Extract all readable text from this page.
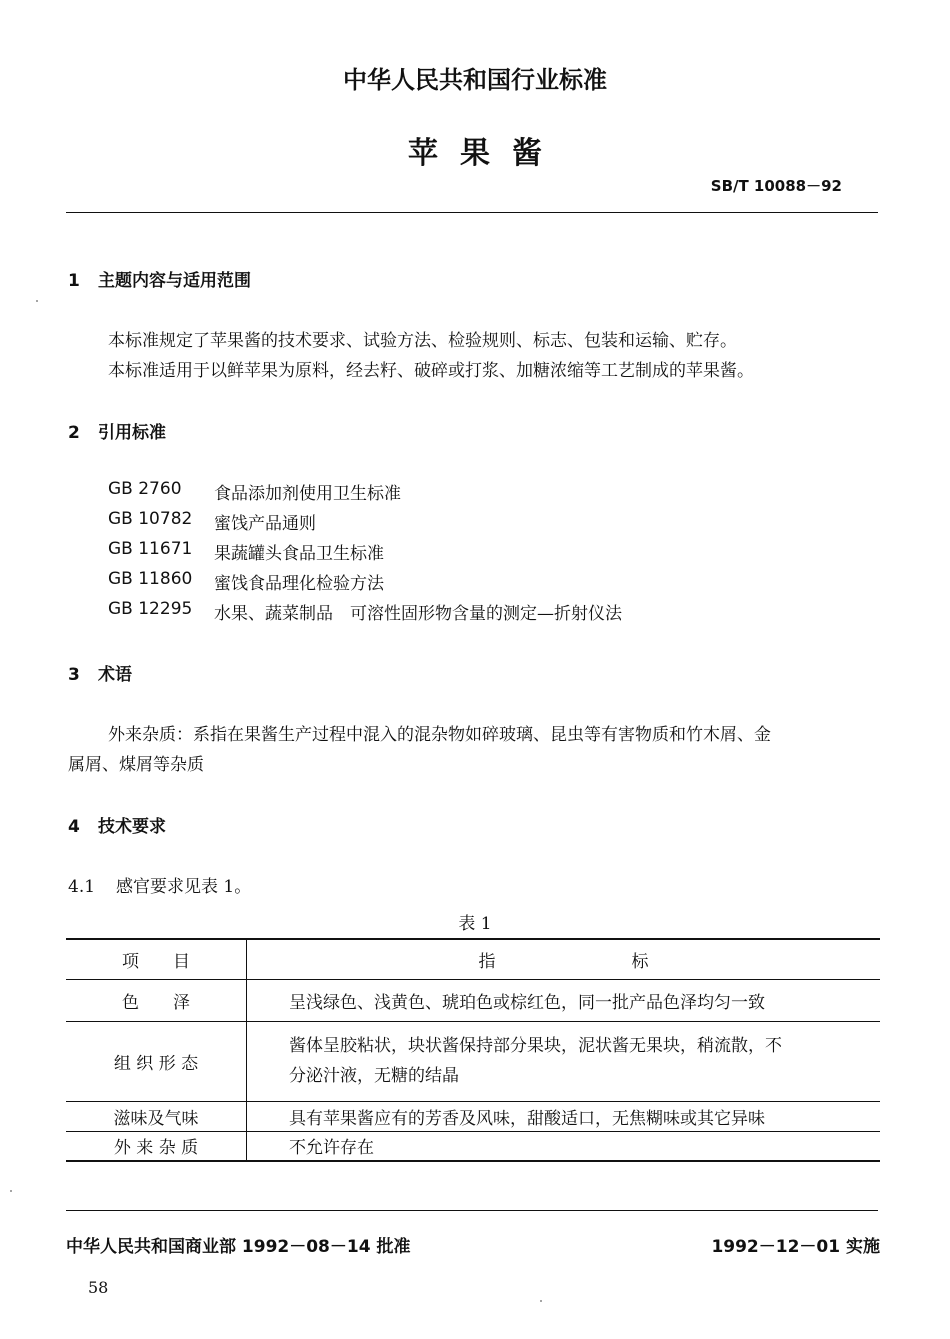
中华人民共和国行业标准
苹果酱
SB/T 10088－92
1 主题内容与适用范围
本标准规定了苹果酱的技术要求、试验方法、检验规则、标志、包装和运输、贮存。
本标准适用于以鲜苹果为原料，经去籽、破碎或打浆、加糖浓缩等工艺制成的苹果酱。
2 引用标准
GB 2760 食品添加剂使用卫生标准
GB 10782 蜜饯产品通则
GB 11671 果蔬罐头食品卫生标准
GB 11860 蜜饯食品理化检验方法
GB 12295 水果、蔬菜制品　可溶性固形物含量的测定—折射仪法
3 术语
外来杂质：系指在果酱生产过程中混入的混杂物如碎玻璃、昆虫等有害物质和竹木屑、金
属屑、煤屑等杂质
4 技术要求
4.1 感官要求见表 1。
表 1
项　　目	指　　　　　　　　标
色　　泽	呈浅绿色、浅黄色、琥珀色或棕红色，同一批产品色泽均匀一致
组 织 形 态	酱体呈胶粘状，块状酱保持部分果块，泥状酱无果块，稍流散，不
分泌汁液，无糖的结晶

滋味及气味	具有苹果酱应有的芳香及风味，甜酸适口，无焦糊味或其它异味
外 来 杂 质	不允许存在
中华人民共和国商业部 1992－08－14 批准	1992－12－01 实施
58
